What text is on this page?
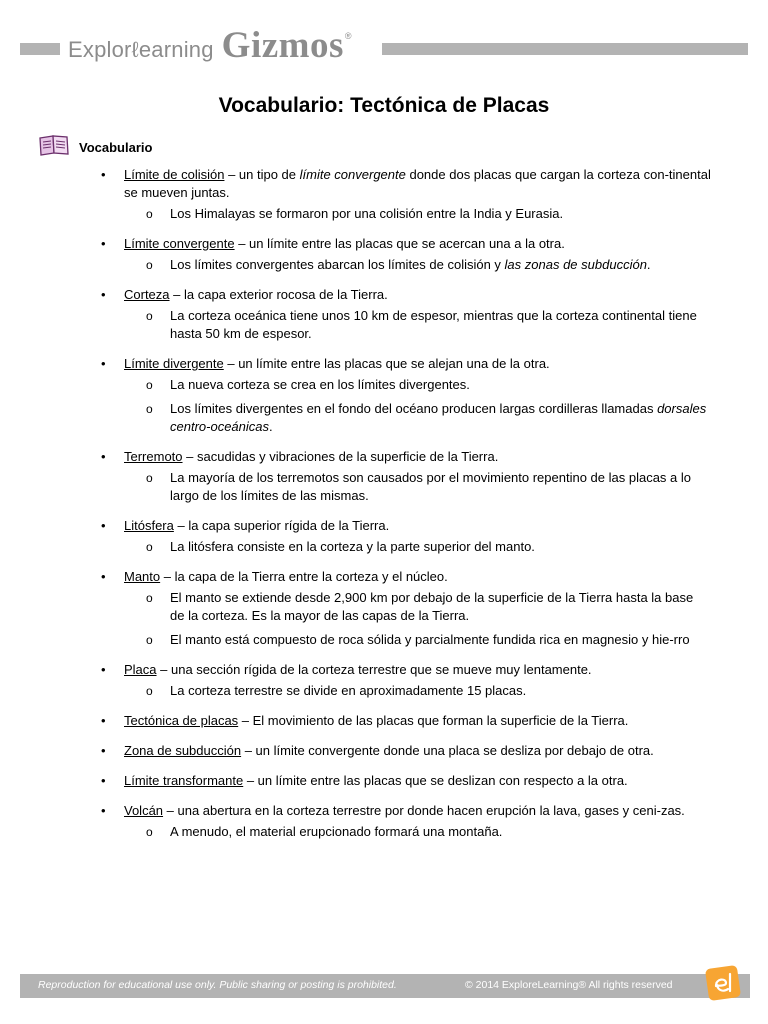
Explorℓearning Gizmos ®
Vocabulario: Tectónica de Placas
Vocabulario
• Límite de colisión – un tipo de límite convergente donde dos placas que cargan la corteza con-tinental se mueven juntas.
o Los Himalayas se formaron por una colisión entre la India y Eurasia.
• Límite convergente – un límite entre las placas que se acercan una a la otra.
o Los límites convergentes abarcan los límites de colisión y las zonas de subducción.
• Corteza – la capa exterior rocosa de la Tierra.
o La corteza oceánica tiene unos 10 km de espesor, mientras que la corteza continental tiene hasta 50 km de espesor.
• Límite divergente – un límite entre las placas que se alejan una de la otra.
o La nueva corteza se crea en los límites divergentes.
o Los límites divergentes en el fondo del océano producen largas cordilleras llamadas dorsales centro-oceánicas.
• Terremoto – sacudidas y vibraciones de la superficie de la Tierra.
o La mayoría de los terremotos son causados por el movimiento repentino de las placas a lo largo de los límites de las mismas.
• Litósfera – la capa superior rígida de la Tierra.
o La litósfera consiste en la corteza y la parte superior del manto.
• Manto – la capa de la Tierra entre la corteza y el núcleo.
o El manto se extiende desde 2,900 km por debajo de la superficie de la Tierra hasta la base de la corteza. Es la mayor de las capas de la Tierra.
o El manto está compuesto de roca sólida y parcialmente fundida rica en magnesio y hie-rro
• Placa – una sección rígida de la corteza terrestre que se mueve muy lentamente.
o La corteza terrestre se divide en aproximadamente 15 placas.
• Tectónica de placas – El movimiento de las placas que forman la superficie de la Tierra.
• Zona de subducción – un límite convergente donde una placa se desliza por debajo de otra.
• Límite transformante – un límite entre las placas que se deslizan con respecto a la otra.
• Volcán – una abertura en la corteza terrestre por donde hacen erupción la lava, gases y ceni-zas.
o A menudo, el material erupcionado formará una montaña.
Reproduction for educational use only. Public sharing or posting is prohibited.	© 2014 ExploreLearning® All rights reserved
